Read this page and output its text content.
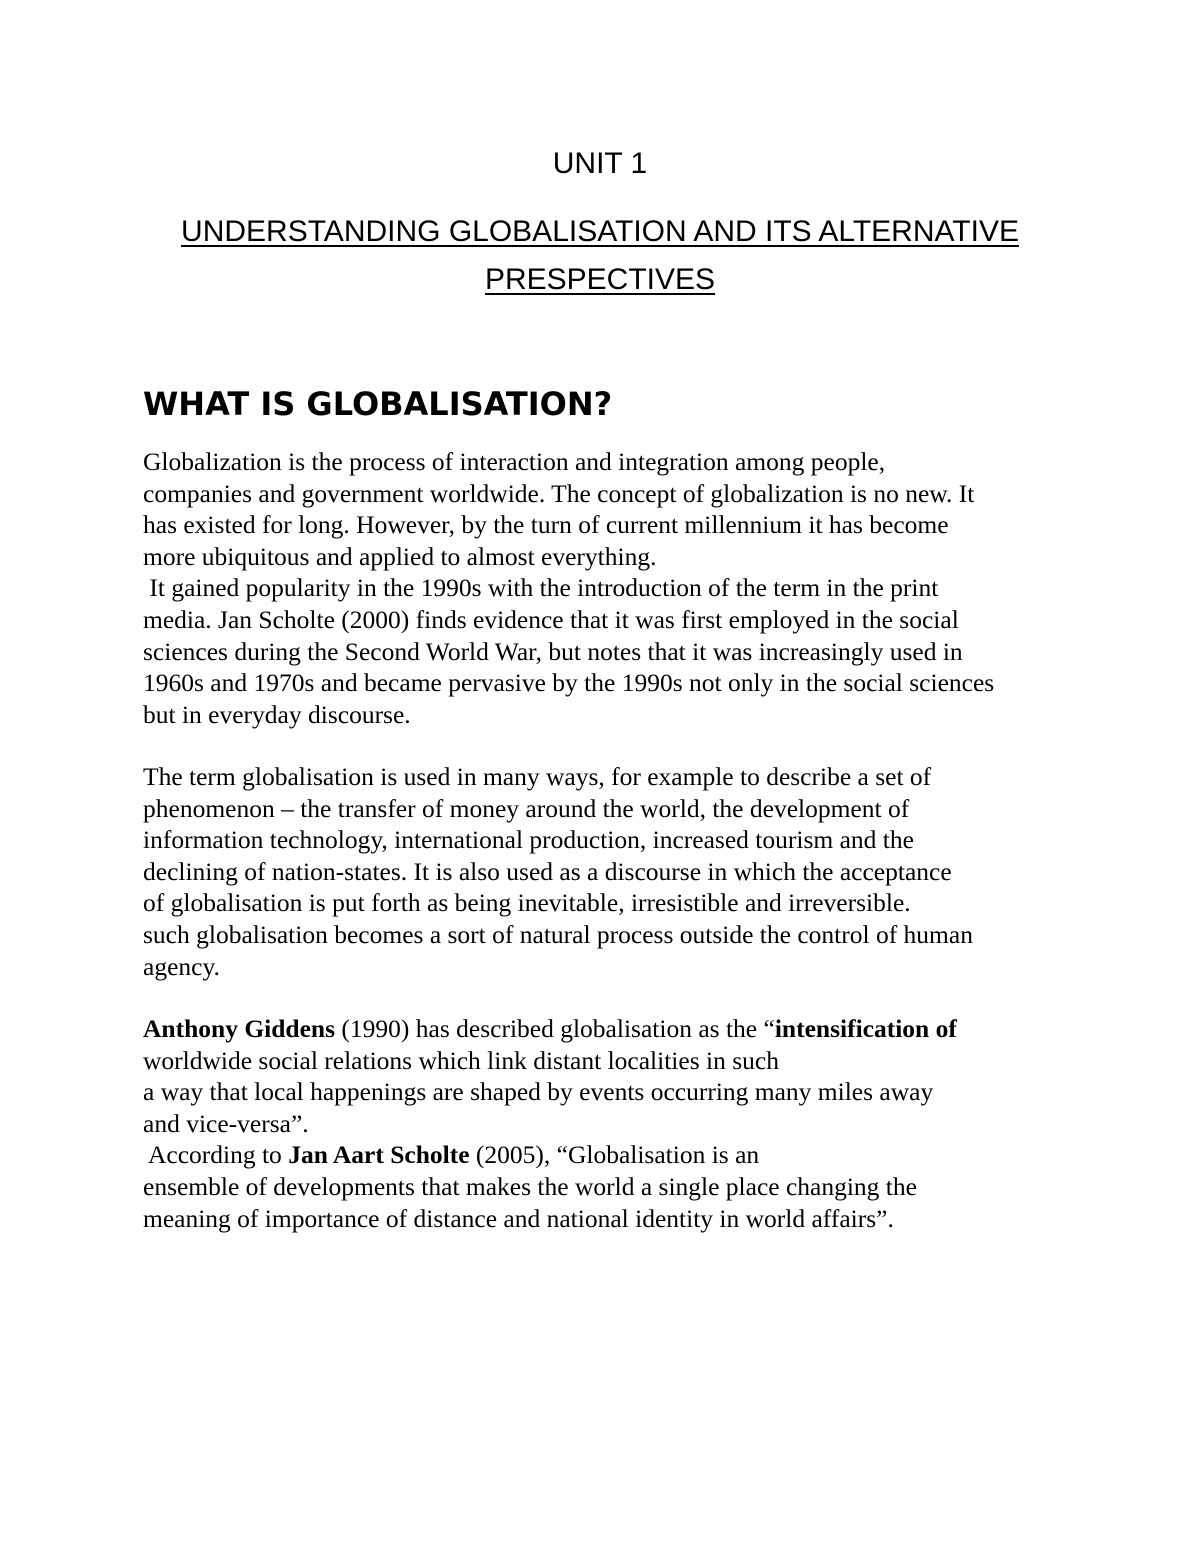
UNIT 1
UNDERSTANDING GLOBALISATION AND ITS ALTERNATIVE
PRESPECTIVES
WHAT IS GLOBALISATION?
Globalization is the process of interaction and integration among people,
companies and government worldwide. The concept of globalization is no new. It
has existed for long. However, by the turn of current millennium it has become
more ubiquitous and applied to almost everything.
It gained popularity in the 1990s with the introduction of the term in the print
media. Jan Scholte (2000) finds evidence that it was first employed in the social
sciences during the Second World War, but notes that it was increasingly used in
1960s and 1970s and became pervasive by the 1990s not only in the social sciences
but in everyday discourse.
The term globalisation is used in many ways, for example to describe a set of
phenomenon – the transfer of money around the world, the development of
information technology, international production, increased tourism and the
declining of nation-states. It is also used as a discourse in which the acceptance
of globalisation is put forth as being inevitable, irresistible and irreversible.
such globalisation becomes a sort of natural process outside the control of human
agency.
Anthony Giddens (1990) has described globalisation as the “intensification of
worldwide social relations which link distant localities in such
a way that local happenings are shaped by events occurring many miles away
and vice-versa”.
According to Jan Aart Scholte (2005), “Globalisation is an
ensemble of developments that makes the world a single place changing the
meaning of importance of distance and national identity in world affairs”.
